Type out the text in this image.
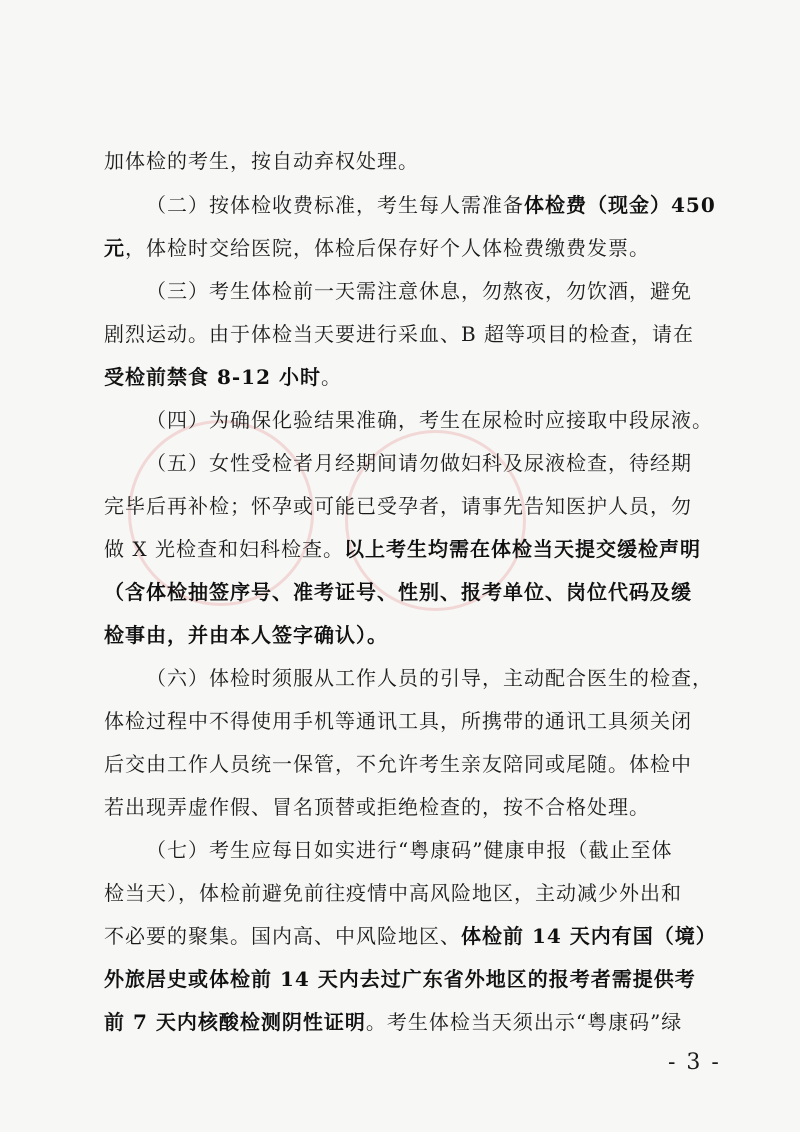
加体检的考生，按自动弃权处理。
（二）按体检收费标准，考生每人需准备体检费（现金）450
元，体检时交给医院，体检后保存好个人体检费缴费发票。
（三）考生体检前一天需注意休息，勿熬夜，勿饮酒，避免
剧烈运动。由于体检当天要进行采血、B 超等项目的检查，请在
受检前禁食 8-12 小时。
（四）为确保化验结果准确，考生在尿检时应接取中段尿液。
（五）女性受检者月经期间请勿做妇科及尿液检查，待经期
完毕后再补检；怀孕或可能已受孕者，请事先告知医护人员，勿
做 X 光检查和妇科检查。以上考生均需在体检当天提交缓检声明
（含体检抽签序号、准考证号、性别、报考单位、岗位代码及缓
检事由，并由本人签字确认）。
（六）体检时须服从工作人员的引导，主动配合医生的检查，
体检过程中不得使用手机等通讯工具，所携带的通讯工具须关闭
后交由工作人员统一保管，不允许考生亲友陪同或尾随。体检中
若出现弄虚作假、冒名顶替或拒绝检查的，按不合格处理。
（七）考生应每日如实进行“粤康码”健康申报（截止至体
检当天），体检前避免前往疫情中高风险地区，主动减少外出和
不必要的聚集。国内高、中风险地区、体检前 14 天内有国（境）
外旅居史或体检前 14 天内去过广东省外地区的报考者需提供考
前 7 天内核酸检测阴性证明。考生体检当天须出示“粤康码”绿
- 3 -
